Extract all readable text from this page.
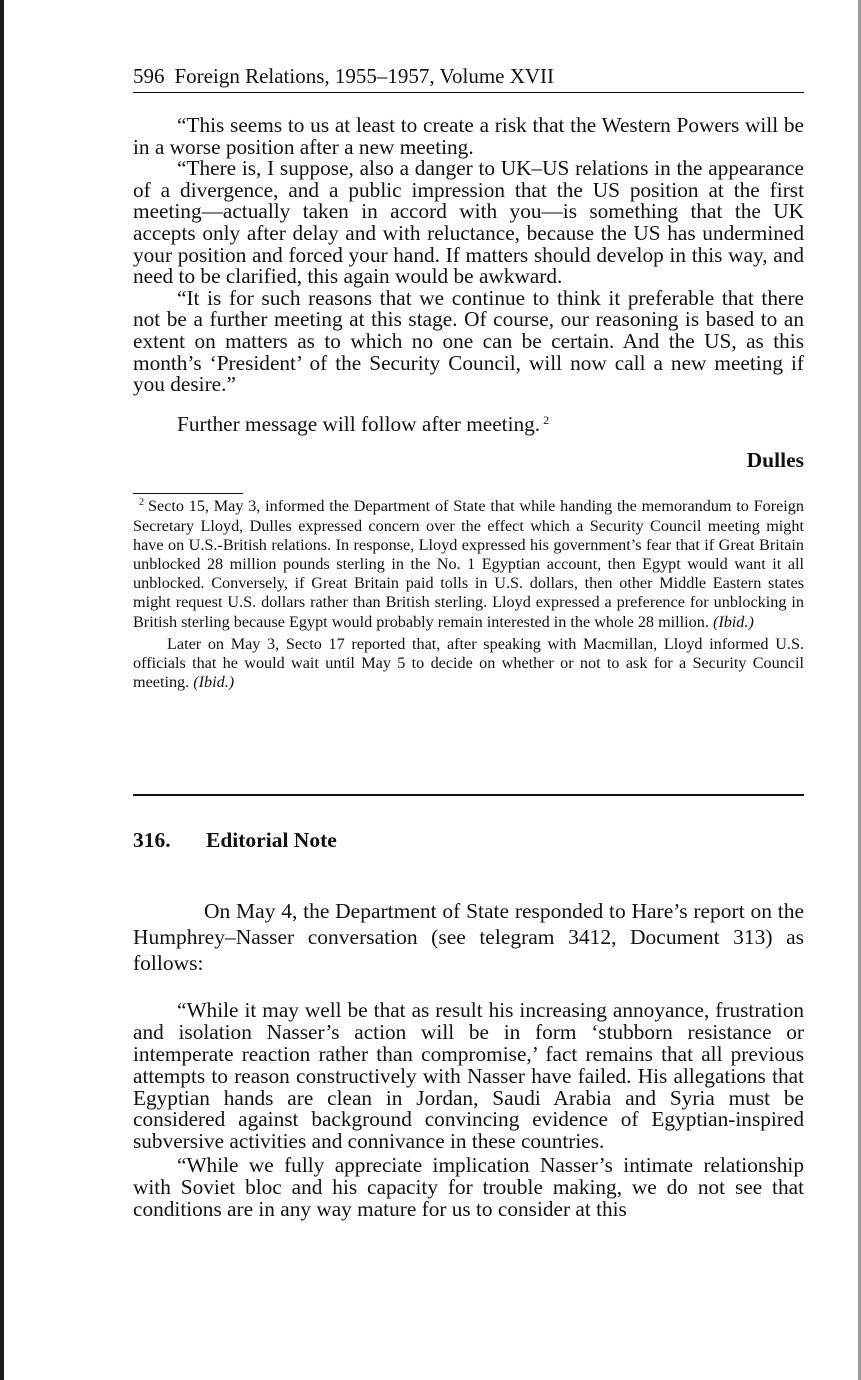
596 Foreign Relations, 1955–1957, Volume XVII

“This seems to us at least to create a risk that the Western Powers will be in a worse position after a new meeting.

“There is, I suppose, also a danger to UK–US relations in the appearance of a divergence, and a public impression that the US position at the first meeting—actually taken in accord with you—is something that the UK accepts only after delay and with reluctance, because the US has undermined your position and forced your hand. If matters should develop in this way, and need to be clarified, this again would be awkward.

“It is for such reasons that we continue to think it preferable that there not be a further meeting at this stage. Of course, our reasoning is based to an extent on matters as to which no one can be certain. And the US, as this month’s ‘President’ of the Security Council, will now call a new meeting if you desire.”

Further message will follow after meeting. $^2$

Dulles

$^2$ Secto 15, May 3, informed the Department of State that while handing the memorandum to Foreign Secretary Lloyd, Dulles expressed concern over the effect which a Security Council meeting might have on U.S.-British relations. In response, Lloyd expressed his government’s fear that if Great Britain unblocked 28 million pounds sterling in the No. 1 Egyptian account, then Egypt would want it all unblocked. Conversely, if Great Britain paid tolls in U.S. dollars, then other Middle Eastern states might request U.S. dollars rather than British sterling. Lloyd expressed a preference for unblocking in British sterling because Egypt would probably remain interested in the whole 28 million. (Ibid.)

Later on May 3, Secto 17 reported that, after speaking with Macmillan, Lloyd informed U.S. officials that he would wait until May 5 to decide on whether or not to ask for a Security Council meeting. (Ibid.)

316. Editorial Note

On May 4, the Department of State responded to Hare’s report on the Humphrey–Nasser conversation (see telegram 3412, Document 313) as follows:

“While it may well be that as result his increasing annoyance, frustration and isolation Nasser’s action will be in form ‘stubborn resistance or intemperate reaction rather than compromise,’ fact remains that all previous attempts to reason constructively with Nasser have failed. His allegations that Egyptian hands are clean in Jordan, Saudi Arabia and Syria must be considered against background convincing evidence of Egyptian-inspired subversive activities and connivance in these countries.

“While we fully appreciate implication Nasser’s intimate relationship with Soviet bloc and his capacity for trouble making, we do not see that conditions are in any way mature for us to consider at this
